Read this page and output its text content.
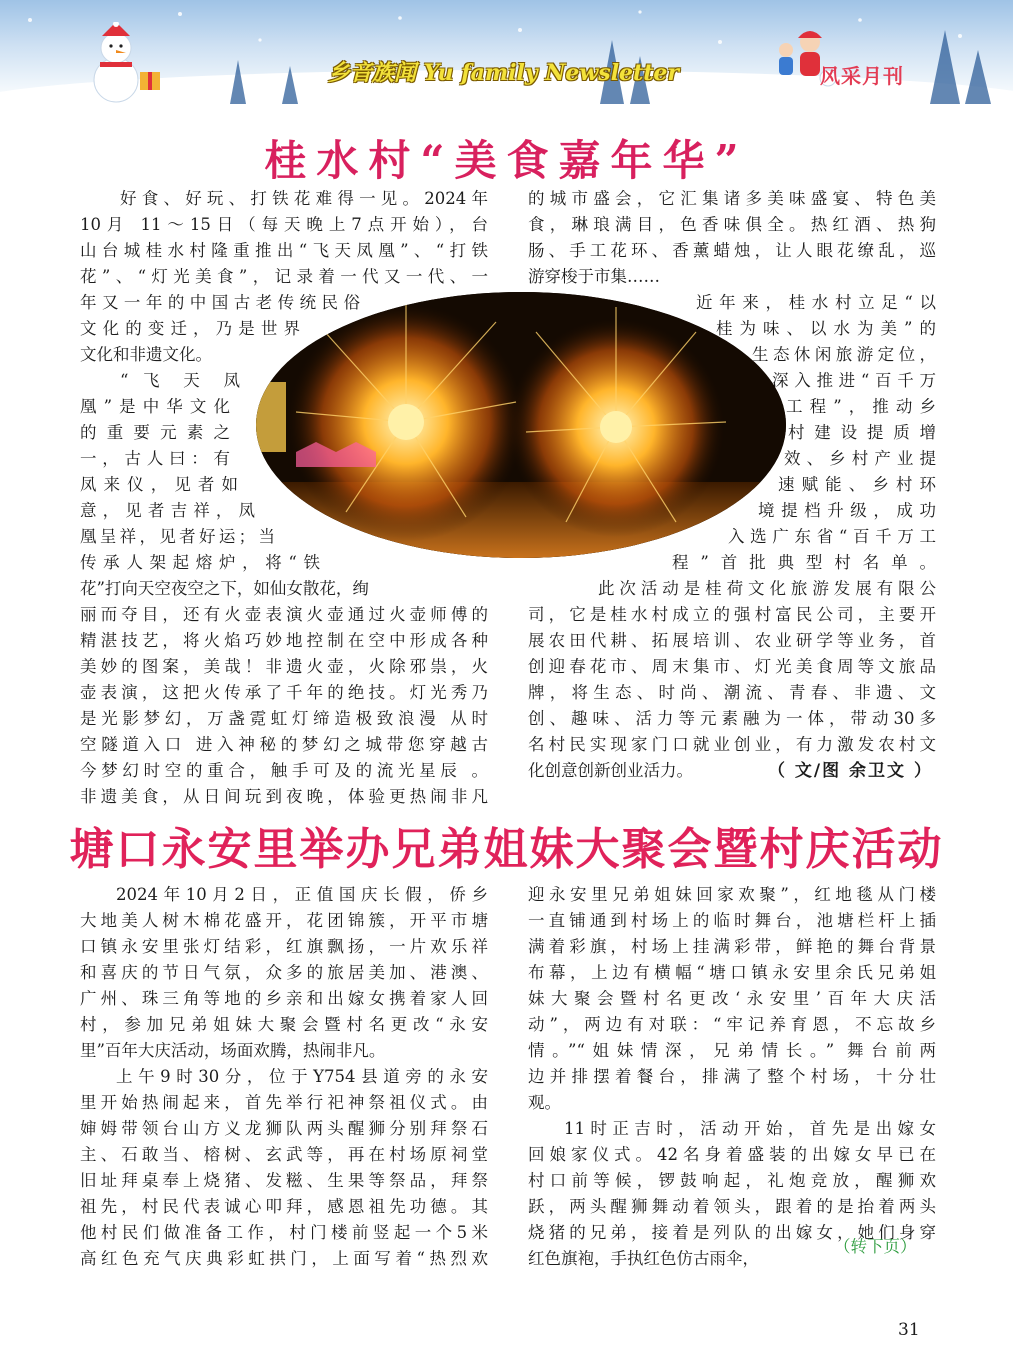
乡音族闻 Yu family Newsletter	风采月刊
桂水村“美食嘉年华”
好食、好玩、打铁花难得一见。2024年
10月 11～15日（每天晚上7点开始），台
山台城桂水村隆重推出“飞天凤凰”、“打铁
花”、“灯光美食”，记录着一代又一代、一
年又一年的中国古老传统民俗
文化的变迁，乃是世界
文化和非遗文化。
“ 飞 天 凤
凰”是中华文化
的重要元素之
一，古人曰：有
凤来仪，见者如
意，见者吉祥，凤
凰呈祥，见者好运；当
传承人架起熔炉，将“铁
花”打向天空夜空之下，如仙女散花，绚
丽而夺目，还有火壶表演火壶通过火壶师傅的
精湛技艺，将火焰巧妙地控制在空中形成各种
美妙的图案，美哉！非遗火壶，火除邪祟，火
壶表演，这把火传承了千年的绝技。灯光秀乃
是光影梦幻，万盏霓虹灯缔造极致浪漫 从时
空隧道入口 进入神秘的梦幻之城带您穿越古
今梦幻时空的重合，触手可及的流光星辰 。
非遗美食，从日间玩到夜晚，体验更热闹非凡
的城市盛会，它汇集诸多美味盛宴、特色美
食，琳琅满目，色香味俱全。热红酒、热狗
肠、手工花环、香薰蜡烛，让人眼花缭乱，巡
游穿梭于市集……
近年来，桂水村立足“以
桂为味、以水为美”的
生态休闲旅游定位，
深入推进“百千万
工程”，推动乡
村建设提质增
效、乡村产业提
速赋能、乡村环
境提档升级，成功
入选广东省“百千万工
程”首批典型村名单。
此次活动是桂荷文化旅游发展有限公
司，它是桂水村成立的强村富民公司，主要开
展农田代耕、拓展培训、农业研学等业务，首
创迎春花市、周末集市、灯光美食周等文旅品
牌，将生态、时尚、潮流、青春、非遗、文
创、趣味、活力等元素融为一体，带动30多
名村民实现家门口就业创业，有力激发农村文
化创意创新创业活力。	（ 文/图 余卫文 ）
塘口永安里举办兄弟姐妹大聚会暨村庆活动
2024年10月2日，正值国庆长假，侨乡
大地美人树木棉花盛开，花团锦簇，开平市塘
口镇永安里张灯结彩，红旗飘扬，一片欢乐祥
和喜庆的节日气氛，众多的旅居美加、港澳、
广州、珠三角等地的乡亲和出嫁女携着家人回
村，参加兄弟姐妹大聚会暨村名更改“永安
里”百年大庆活动，场面欢腾，热闹非凡。
上午9时30分，位于Y754县道旁的永安
里开始热闹起来，首先举行祀神祭祖仪式。由
婶姆带领台山方义龙狮队两头醒狮分别拜祭石
主、石敢当、榕树、玄武等，再在村场原祠堂
旧址拜桌奉上烧猪、发糍、生果等祭品，拜祭
祖先，村民代表诚心叩拜，感恩祖先功德。其
他村民们做准备工作，村门楼前竖起一个5米
高红色充气庆典彩虹拱门，上面写着“热烈欢
迎永安里兄弟姐妹回家欢聚”，红地毯从门楼
一直铺通到村场上的临时舞台，池塘栏杆上插
满着彩旗，村场上挂满彩带，鲜艳的舞台背景
布幕，上边有横幅“塘口镇永安里余氏兄弟姐
妹大聚会暨村名更改‘永安里’百年大庆活
动”，两边有对联：“牢记养育恩，不忘故乡
情。”“姐妹情深，兄弟情长。” 舞台前两
边并排摆着餐台，排满了整个村场，十分壮
观。
11时正吉时，活动开始，首先是出嫁女
回娘家仪式。42名身着盛装的出嫁女早已在
村口前等候，锣鼓响起，礼炮竞放，醒狮欢
跃，两头醒狮舞动着领头，跟着的是抬着两头
烧猪的兄弟，接着是列队的出嫁女，她们身穿
红色旗袍，手执红色仿古雨伞，
（转下页）
31
